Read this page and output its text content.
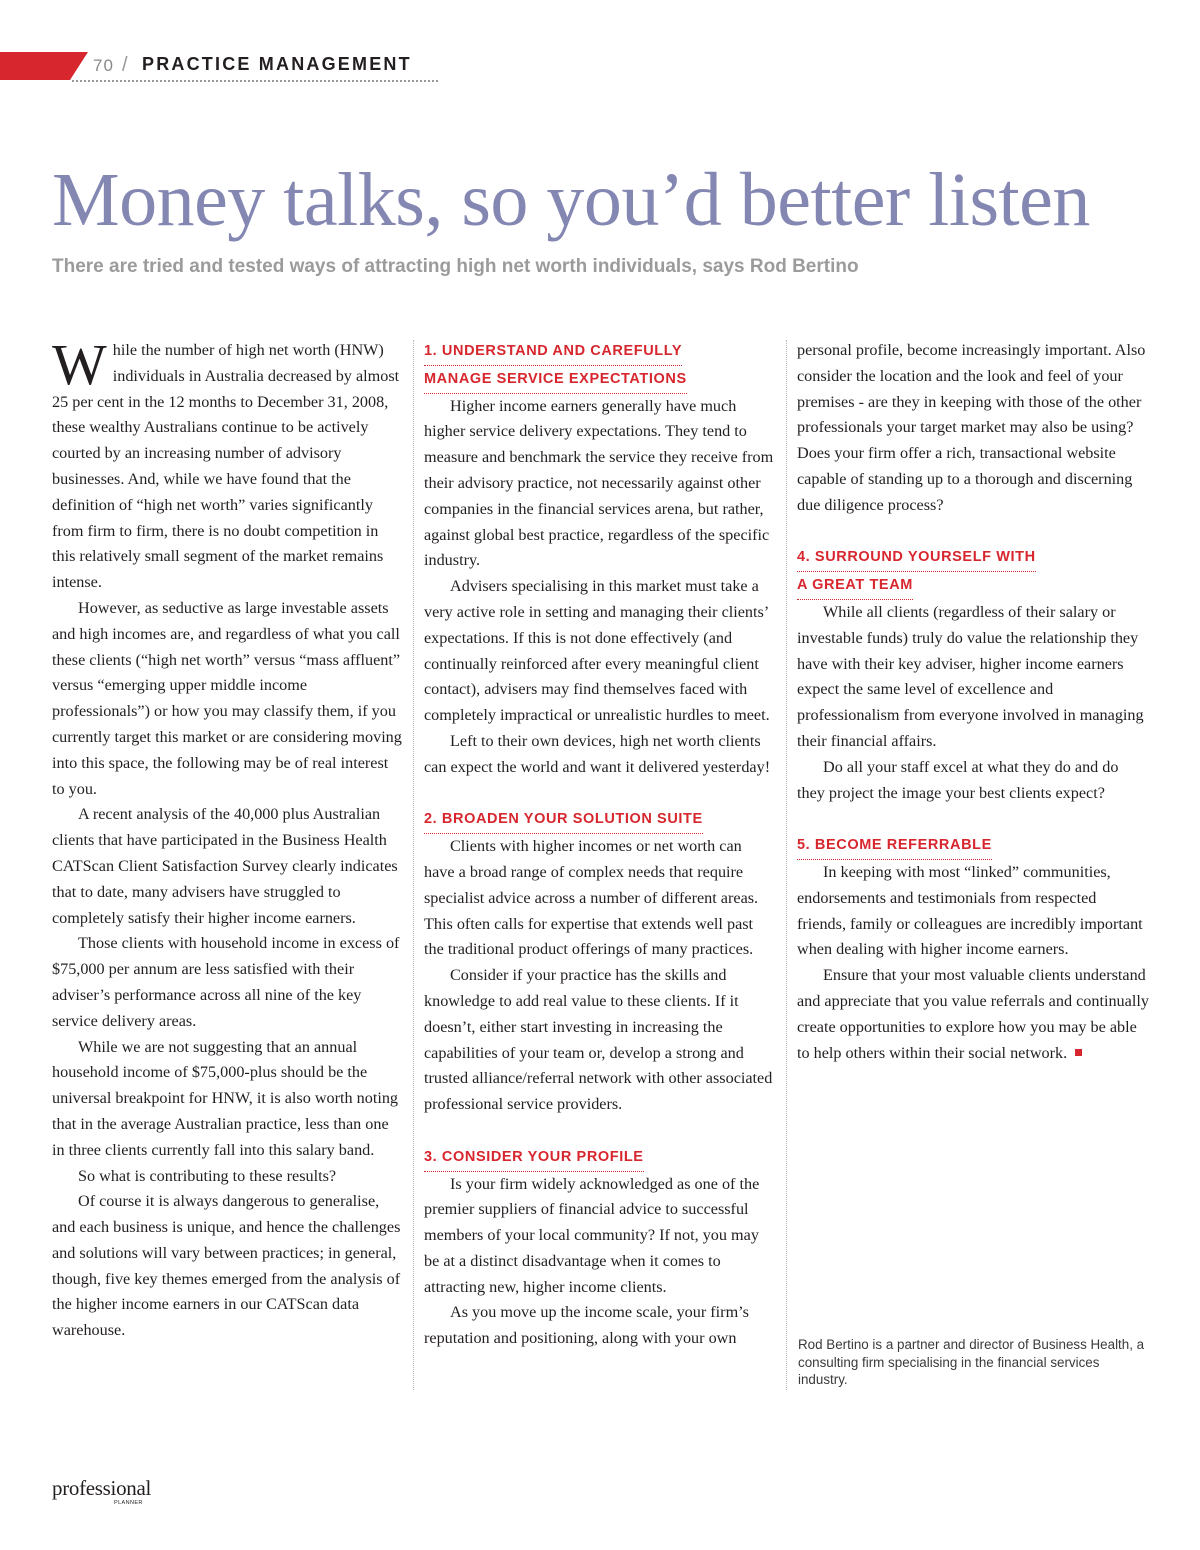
70 / PRACTICE MANAGEMENT
Money talks, so you’d better listen

There are tried and tested ways of attracting high net worth individuals, says Rod Bertino

While the number of high net worth (HNW) individuals in Australia decreased by almost 25 per cent in the 12 months to December 31, 2008, these wealthy Australians continue to be actively courted by an increasing number of advisory businesses. And, while we have found that the definition of “high net worth” varies significantly from firm to firm, there is no doubt competition in this relatively small segment of the market remains intense.

However, as seductive as large investable assets and high incomes are, and regardless of what you call these clients (“high net worth” versus “mass affluent” versus “emerging upper middle income professionals”) or how you may classify them, if you currently target this market or are considering moving into this space, the following may be of real interest to you.

A recent analysis of the 40,000 plus Australian clients that have participated in the Business Health CATScan Client Satisfaction Survey clearly indicates that to date, many advisers have struggled to completely satisfy their higher income earners.

Those clients with household income in excess of $75,000 per annum are less satisfied with their adviser’s performance across all nine of the key service delivery areas.

While we are not suggesting that an annual household income of $75,000-plus should be the universal breakpoint for HNW, it is also worth noting that in the average Australian practice, less than one in three clients currently fall into this salary band.

So what is contributing to these results?

Of course it is always dangerous to generalise, and each business is unique, and hence the challenges and solutions will vary between practices; in general, though, five key themes emerged from the analysis of the higher income earners in our CATScan data warehouse.

1. UNDERSTAND AND CAREFULLY
MANAGE SERVICE EXPECTATIONS

Higher income earners generally have much higher service delivery expectations. They tend to measure and benchmark the service they receive from their advisory practice, not necessarily against other companies in the financial services arena, but rather, against global best practice, regardless of the specific industry.

Advisers specialising in this market must take a very active role in setting and managing their clients’ expectations. If this is not done effectively (and continually reinforced after every meaningful client contact), advisers may find themselves faced with completely impractical or unrealistic hurdles to meet.

Left to their own devices, high net worth clients can expect the world and want it delivered yesterday!

2. BROADEN YOUR SOLUTION SUITE

Clients with higher incomes or net worth can have a broad range of complex needs that require specialist advice across a number of different areas. This often calls for expertise that extends well past the traditional product offerings of many practices.

Consider if your practice has the skills and knowledge to add real value to these clients. If it doesn’t, either start investing in increasing the capabilities of your team or, develop a strong and trusted alliance/referral network with other associated professional service providers.

3. CONSIDER YOUR PROFILE

Is your firm widely acknowledged as one of the premier suppliers of financial advice to successful members of your local community? If not, you may be at a distinct disadvantage when it comes to attracting new, higher income clients.

As you move up the income scale, your firm’s reputation and positioning, along with your own

personal profile, become increasingly important. Also consider the location and the look and feel of your premises - are they in keeping with those of the other professionals your target market may also be using? Does your firm offer a rich, transactional website capable of standing up to a thorough and discerning due diligence process?

4. SURROUND YOURSELF WITH
A GREAT TEAM

While all clients (regardless of their salary or investable funds) truly do value the relationship they have with their key adviser, higher income earners expect the same level of excellence and professionalism from everyone involved in managing their financial affairs.

Do all your staff excel at what they do and do they project the image your best clients expect?

5. BECOME REFERRABLE

In keeping with most “linked” communities, endorsements and testimonials from respected friends, family or colleagues are incredibly important when dealing with higher income earners.

Ensure that your most valuable clients understand and appreciate that you value referrals and continually create opportunities to explore how you may be able to help others within their social network.

Rod Bertino is a partner and director of Business Health, a consulting firm specialising in the financial services industry.

professional
PLANNER
